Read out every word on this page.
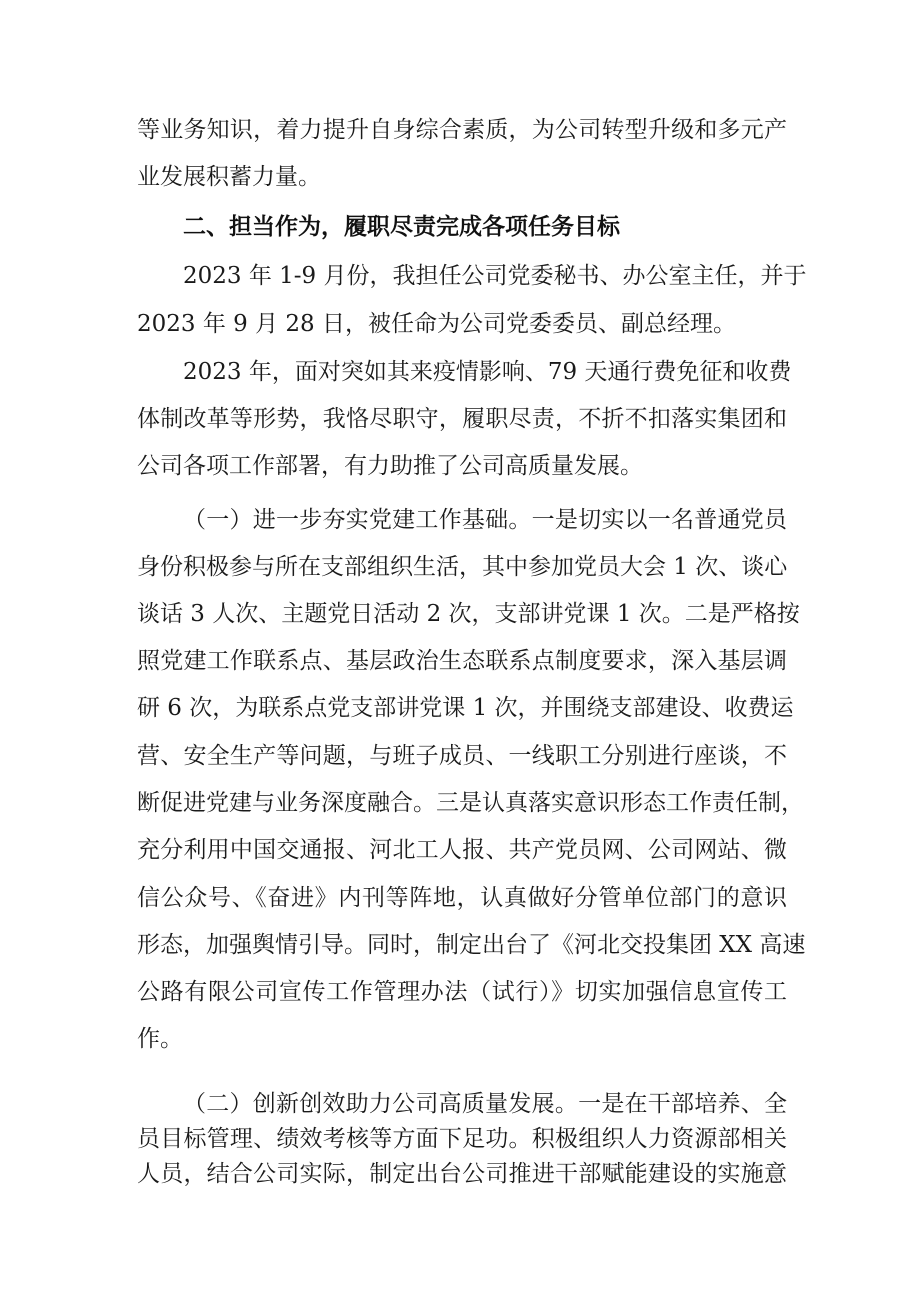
等业务知识，着力提升自身综合素质，为公司转型升级和多元产
业发展积蓄力量。
二、担当作为，履职尽责完成各项任务目标
2023 年 1-9 月份，我担任公司党委秘书、办公室主任，并于
2023 年 9 月 28 日，被任命为公司党委委员、副总经理。
2023 年，面对突如其来疫情影响、79 天通行费免征和收费
体制改革等形势，我恪尽职守，履职尽责，不折不扣落实集团和
公司各项工作部署，有力助推了公司高质量发展。
（一）进一步夯实党建工作基础。一是切实以一名普通党员
身份积极参与所在支部组织生活，其中参加党员大会 1 次、谈心
谈话 3 人次、主题党日活动 2 次，支部讲党课 1 次。二是严格按
照党建工作联系点、基层政治生态联系点制度要求，深入基层调
研 6 次，为联系点党支部讲党课 1 次，并围绕支部建设、收费运
营、安全生产等问题，与班子成员、一线职工分别进行座谈，不
断促进党建与业务深度融合。三是认真落实意识形态工作责任制，
充分利用中国交通报、河北工人报、共产党员网、公司网站、微
信公众号、《奋进》内刊等阵地，认真做好分管单位部门的意识
形态，加强舆情引导。同时，制定出台了《河北交投集团 XX 高速
公路有限公司宣传工作管理办法（试行）》切实加强信息宣传工
作。
（二）创新创效助力公司高质量发展。一是在干部培养、全
员目标管理、绩效考核等方面下足功。积极组织人力资源部相关
人员，结合公司实际，制定出台公司推进干部赋能建设的实施意
